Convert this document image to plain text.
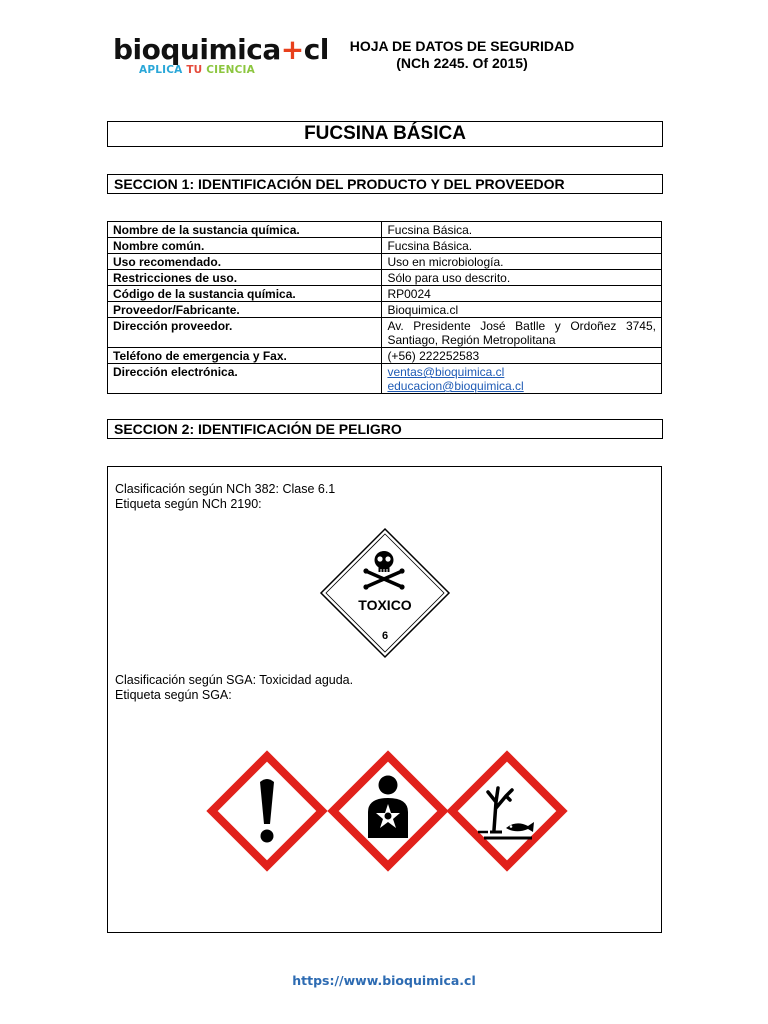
bioquimica+cl
APLICA TU CIENCIA
HOJA DE DATOS DE SEGURIDAD
(NCh 2245. Of 2015)
FUCSINA BÁSICA
SECCION 1: IDENTIFICACIÓN DEL PRODUCTO Y DEL PROVEEDOR
Nombre de la sustancia química.	Fucsina Básica.
Nombre común.	Fucsina Básica.
Uso recomendado.	Uso en microbiología.
Restricciones de uso.	Sólo para uso descrito.
Código de la sustancia química.	RP0024
Proveedor/Fabricante.	Bioquimica.cl
Dirección proveedor.	Av. Presidente José Batlle y Ordoñez 3745, Santiago, Región Metropolitana
Teléfono de emergencia y Fax.	(+56) 222252583
Dirección electrónica.	ventas@bioquimica.cl
educacion@bioquimica.cl
SECCION 2: IDENTIFICACIÓN DE PELIGRO
Clasificación según NCh 382: Clase 6.1
Etiqueta según NCh 2190:
TOXICO
6
Clasificación según SGA: Toxicidad aguda.
Etiqueta según SGA:
https://www.bioquimica.cl
